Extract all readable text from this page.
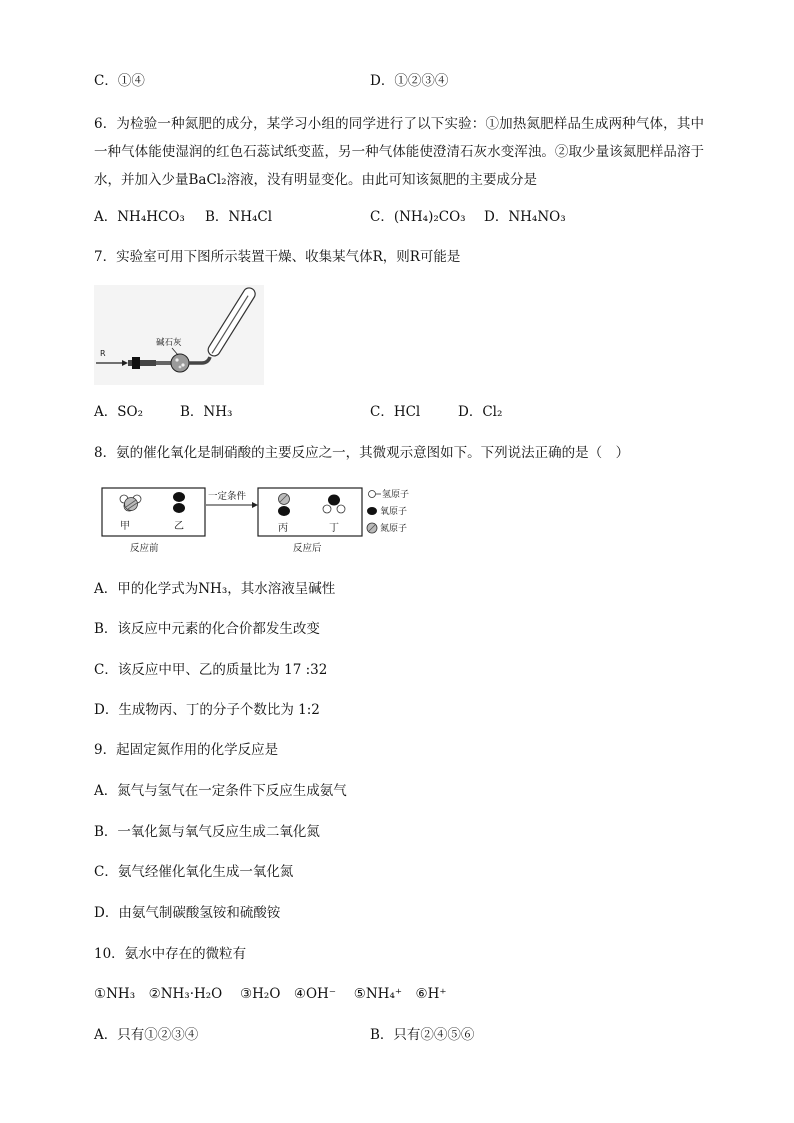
C．①④	D．①②③④
6．为检验一种氮肥的成分，某学习小组的同学进行了以下实验：①加热氮肥样品生成两种气体，其中一种气体能使湿润的红色石蕊试纸变蓝，另一种气体能使澄清石灰水变浑浊。②取少量该氮肥样品溶于水，并加入少量BaCl₂溶液，没有明显变化。由此可知该氮肥的主要成分是
A．NH₄HCO₃ B．NH₄Cl	C．(NH₄)₂CO₃ D．NH₄NO₃
7．实验室可用下图所示装置干燥、收集某气体R，则R可能是
R
碱石灰
A．SO₂	B．NH₃	C．HCl	D．Cl₂
8．氨的催化氧化是制硝酸的主要反应之一，其微观示意图如下。下列说法正确的是（　）
甲	乙
反应前
一定条件
丙	丁
反应后
氢原子
氧原子
氮原子
A．甲的化学式为NH₃，其水溶液呈碱性
B．该反应中元素的化合价都发生改变
C．该反应中甲、乙的质量比为 17 :32
D．生成物丙、丁的分子个数比为 1:2
9．起固定氮作用的化学反应是
A．氮气与氢气在一定条件下反应生成氨气
B．一氧化氮与氧气反应生成二氧化氮
C．氨气经催化氧化生成一氧化氮
D．由氨气制碳酸氢铵和硫酸铵
10．氨水中存在的微粒有
①NH₃　②NH₃·H₂O　 ③H₂O　④OH⁻　 ⑤NH₄⁺　⑥H⁺
A．只有①②③④	B．只有②④⑤⑥
